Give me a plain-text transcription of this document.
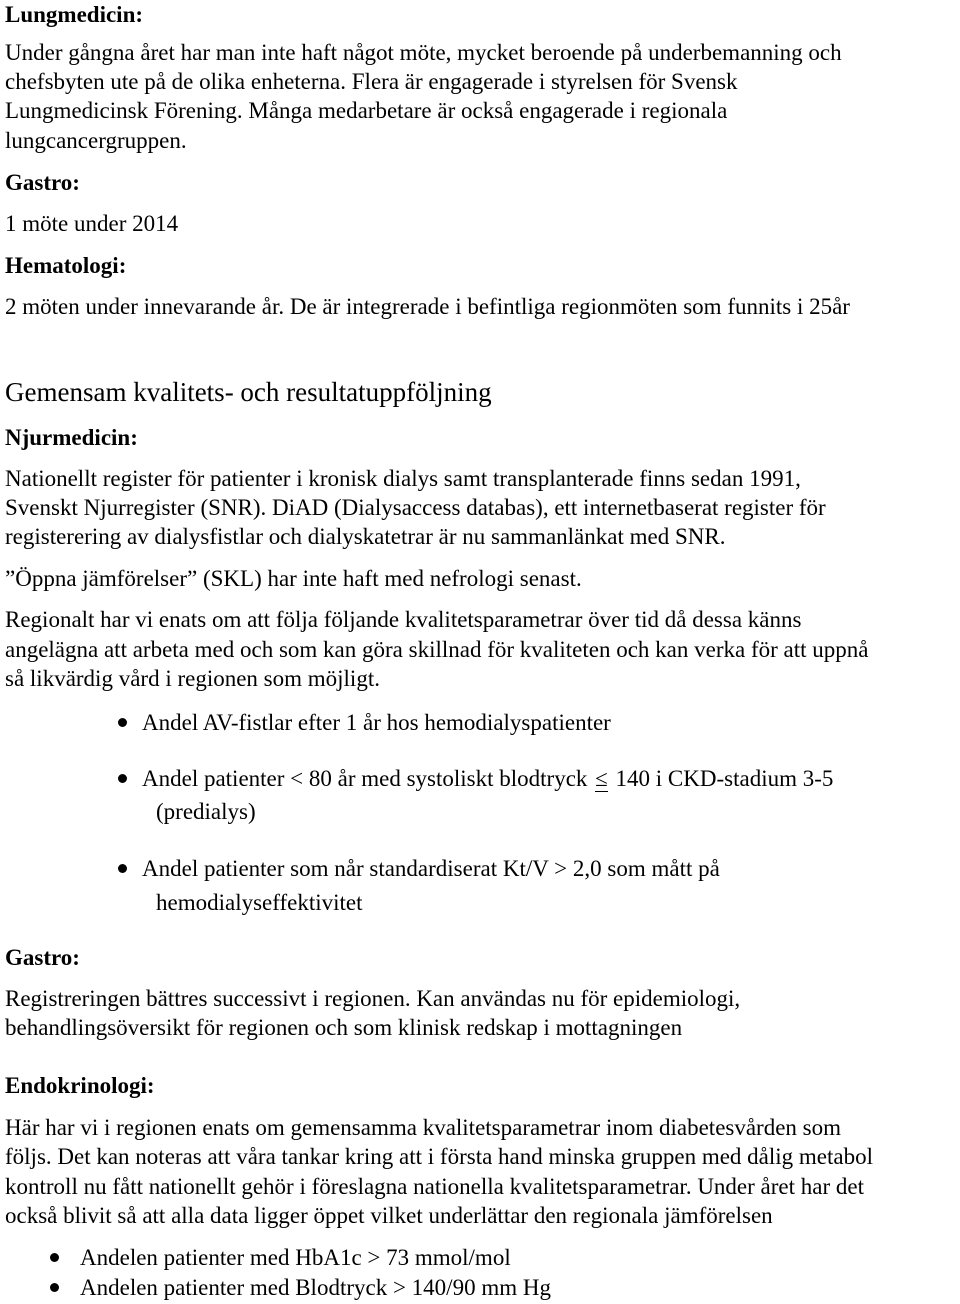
Lungmedicin:

Under gångna året har man inte haft något möte, mycket beroende på underbemanning och

chefsbyten ute på de olika enheterna. Flera är engagerade i styrelsen för Svensk

Lungmedicinsk Förening. Många medarbetare är också engagerade i regionala

lungcancergruppen.

Gastro:

1 möte under 2014

Hematologi:

2 möten under innevarande år. De är integrerade i befintliga regionmöten som funnits i 25år

Gemensam kvalitets- och resultatuppföljning

Njurmedicin:

Nationellt register för patienter i kronisk dialys samt transplanterade finns sedan 1991,

Svenskt Njurregister (SNR). DiAD (Dialysaccess databas), ett internetbaserat register för

registerering av dialysfistlar och dialyskatetrar är nu sammanlänkat med SNR.

”Öppna jämförelser” (SKL) har inte haft med nefrologi senast.

Regionalt har vi enats om att följa följande kvalitetsparametrar över tid då dessa känns

angelägna att arbeta med och som kan göra skillnad för kvaliteten och kan verka för att uppnå

så likvärdig vård i regionen som möjligt.

Andel AV-fistlar efter 1 år hos hemodialyspatienter

Andel patienter < 80 år med systoliskt blodtryck ≤ 140 i CKD-stadium 3-5

(predialys)

Andel patienter som når standardiserat Kt/V > 2,0 som mått på

hemodialyseffektivitet

Gastro:

Registreringen bättres successivt i regionen. Kan användas nu för epidemiologi,

behandlingsöversikt för regionen och som klinisk redskap i mottagningen

Endokrinologi:

Här har vi i regionen enats om gemensamma kvalitetsparametrar inom diabetesvården som

följs. Det kan noteras att våra tankar kring att i första hand minska gruppen med dålig metabol

kontroll nu fått nationellt gehör i föreslagna nationella kvalitetsparametrar. Under året har det

också blivit så att alla data ligger öppet vilket underlättar den regionala jämförelsen

Andelen patienter med HbA1c > 73 mmol/mol

Andelen patienter med Blodtryck > 140/90 mm Hg
